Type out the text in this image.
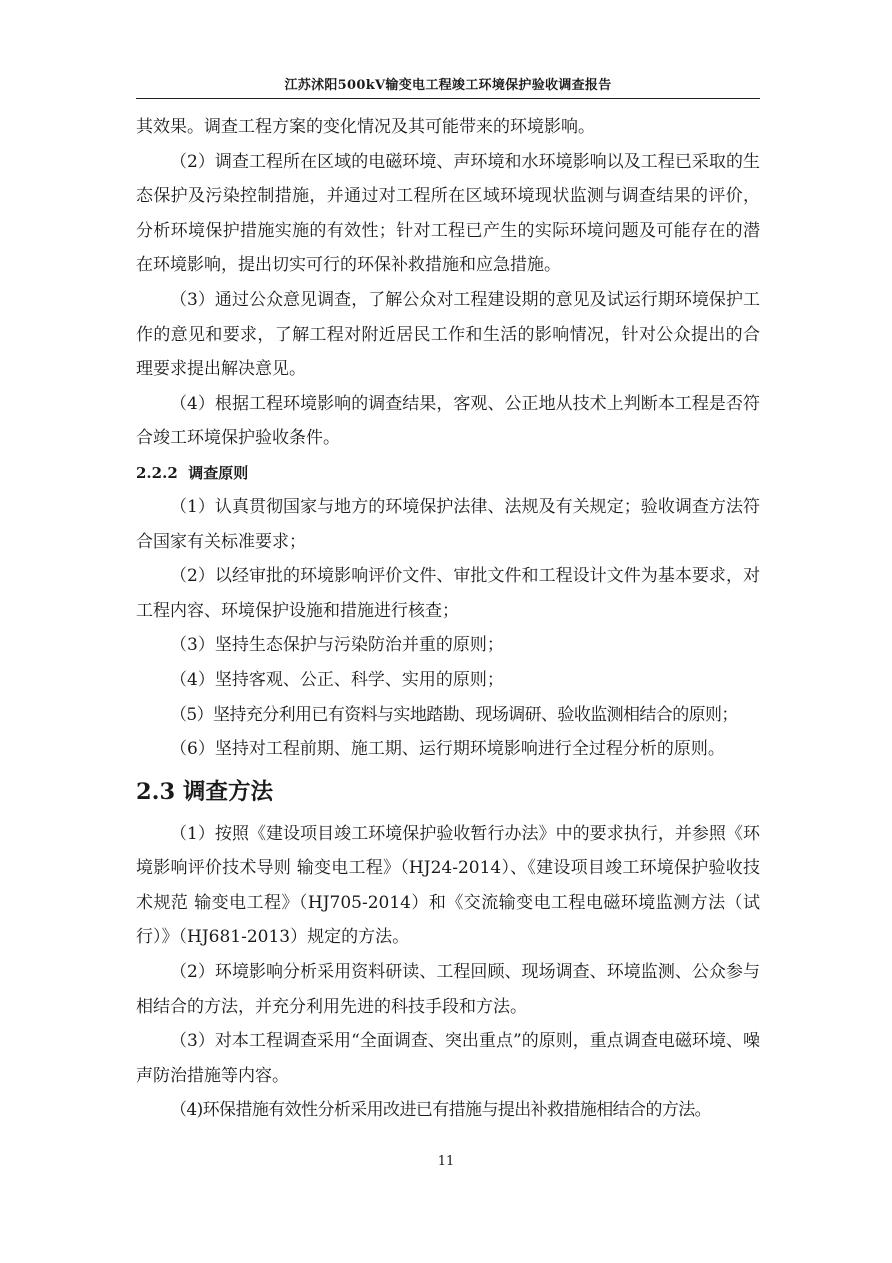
江苏沭阳500kV输变电工程竣工环境保护验收调查报告

其效果。调查工程方案的变化情况及其可能带来的环境影响。

（2）调查工程所在区域的电磁环境、声环境和水环境影响以及工程已采取的生态保护及污染控制措施，并通过对工程所在区域环境现状监测与调查结果的评价，分析环境保护措施实施的有效性；针对工程已产生的实际环境问题及可能存在的潜在环境影响，提出切实可行的环保补救措施和应急措施。

（3）通过公众意见调查，了解公众对工程建设期的意见及试运行期环境保护工作的意见和要求，了解工程对附近居民工作和生活的影响情况，针对公众提出的合理要求提出解决意见。

（4）根据工程环境影响的调查结果，客观、公正地从技术上判断本工程是否符合竣工环境保护验收条件。

2.2.2 调查原则

（1）认真贯彻国家与地方的环境保护法律、法规及有关规定；验收调查方法符合国家有关标准要求；

（2）以经审批的环境影响评价文件、审批文件和工程设计文件为基本要求，对工程内容、环境保护设施和措施进行核查；

（3）坚持生态保护与污染防治并重的原则；

（4）坚持客观、公正、科学、实用的原则；

（5）坚持充分利用已有资料与实地踏勘、现场调研、验收监测相结合的原则；

（6）坚持对工程前期、施工期、运行期环境影响进行全过程分析的原则。

2.3 调查方法

（1）按照《建设项目竣工环境保护验收暂行办法》中的要求执行，并参照《环境影响评价技术导则 输变电工程》（HJ24-2014）、《建设项目竣工环境保护验收技术规范 输变电工程》（HJ705-2014）和《交流输变电工程电磁环境监测方法（试行）》（HJ681-2013）规定的方法。

（2）环境影响分析采用资料研读、工程回顾、现场调查、环境监测、公众参与相结合的方法，并充分利用先进的科技手段和方法。

（3）对本工程调查采用“全面调查、突出重点”的原则，重点调查电磁环境、噪声防治措施等内容。

（4)环保措施有效性分析采用改进已有措施与提出补救措施相结合的方法。

11
